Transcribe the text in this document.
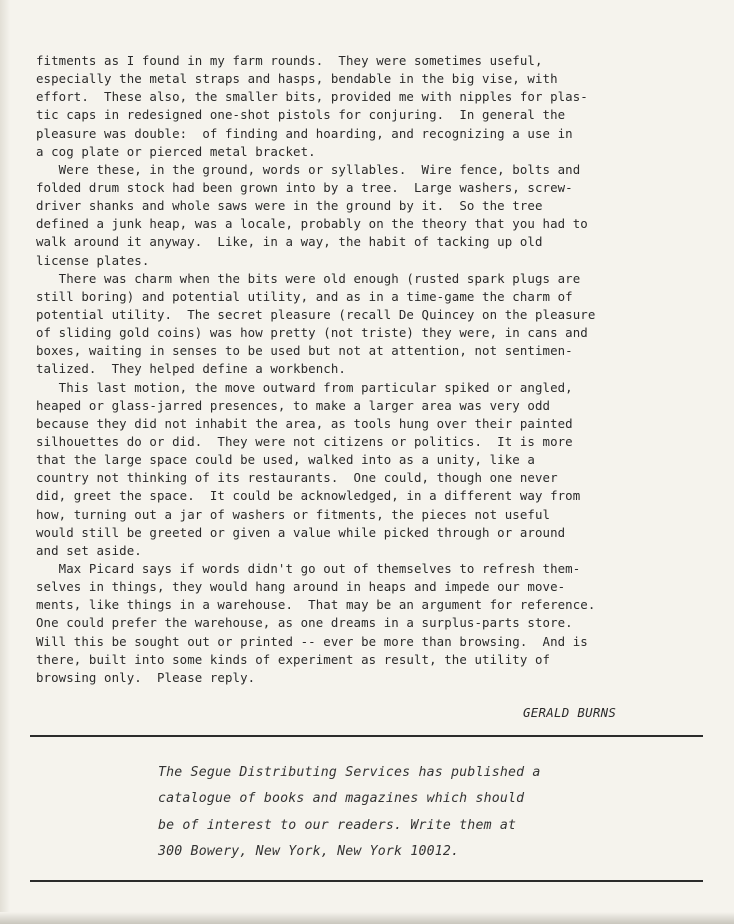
fitments as I found in my farm rounds.  They were sometimes useful,
especially the metal straps and hasps, bendable in the big vise, with
effort.  These also, the smaller bits, provided me with nipples for plas-
tic caps in redesigned one-shot pistols for conjuring.  In general the
pleasure was double:  of finding and hoarding, and recognizing a use in
a cog plate or pierced metal bracket.
Were these, in the ground, words or syllables.  Wire fence, bolts and
folded drum stock had been grown into by a tree.  Large washers, screw-
driver shanks and whole saws were in the ground by it.  So the tree
defined a junk heap, was a locale, probably on the theory that you had to
walk around it anyway.  Like, in a way, the habit of tacking up old
license plates.
There was charm when the bits were old enough (rusted spark plugs are
still boring) and potential utility, and as in a time-game the charm of
potential utility.  The secret pleasure (recall De Quincey on the pleasure
of sliding gold coins) was how pretty (not triste) they were, in cans and
boxes, waiting in senses to be used but not at attention, not sentimen-
talized.  They helped define a workbench.
This last motion, the move outward from particular spiked or angled,
heaped or glass-jarred presences, to make a larger area was very odd
because they did not inhabit the area, as tools hung over their painted
silhouettes do or did.  They were not citizens or politics.  It is more
that the large space could be used, walked into as a unity, like a
country not thinking of its restaurants.  One could, though one never
did, greet the space.  It could be acknowledged, in a different way from
how, turning out a jar of washers or fitments, the pieces not useful
would still be greeted or given a value while picked through or around
and set aside.
Max Picard says if words didn't go out of themselves to refresh them-
selves in things, they would hang around in heaps and impede our move-
ments, like things in a warehouse.  That may be an argument for reference.
One could prefer the warehouse, as one dreams in a surplus-parts store.
Will this be sought out or printed -- ever be more than browsing.  And is
there, built into some kinds of experiment as result, the utility of
browsing only.  Please reply.
GERALD BURNS
The Segue Distributing Services has published a
catalogue of books and magazines which should
be of interest to our readers. Write them at
300 Bowery, New York, New York 10012.
